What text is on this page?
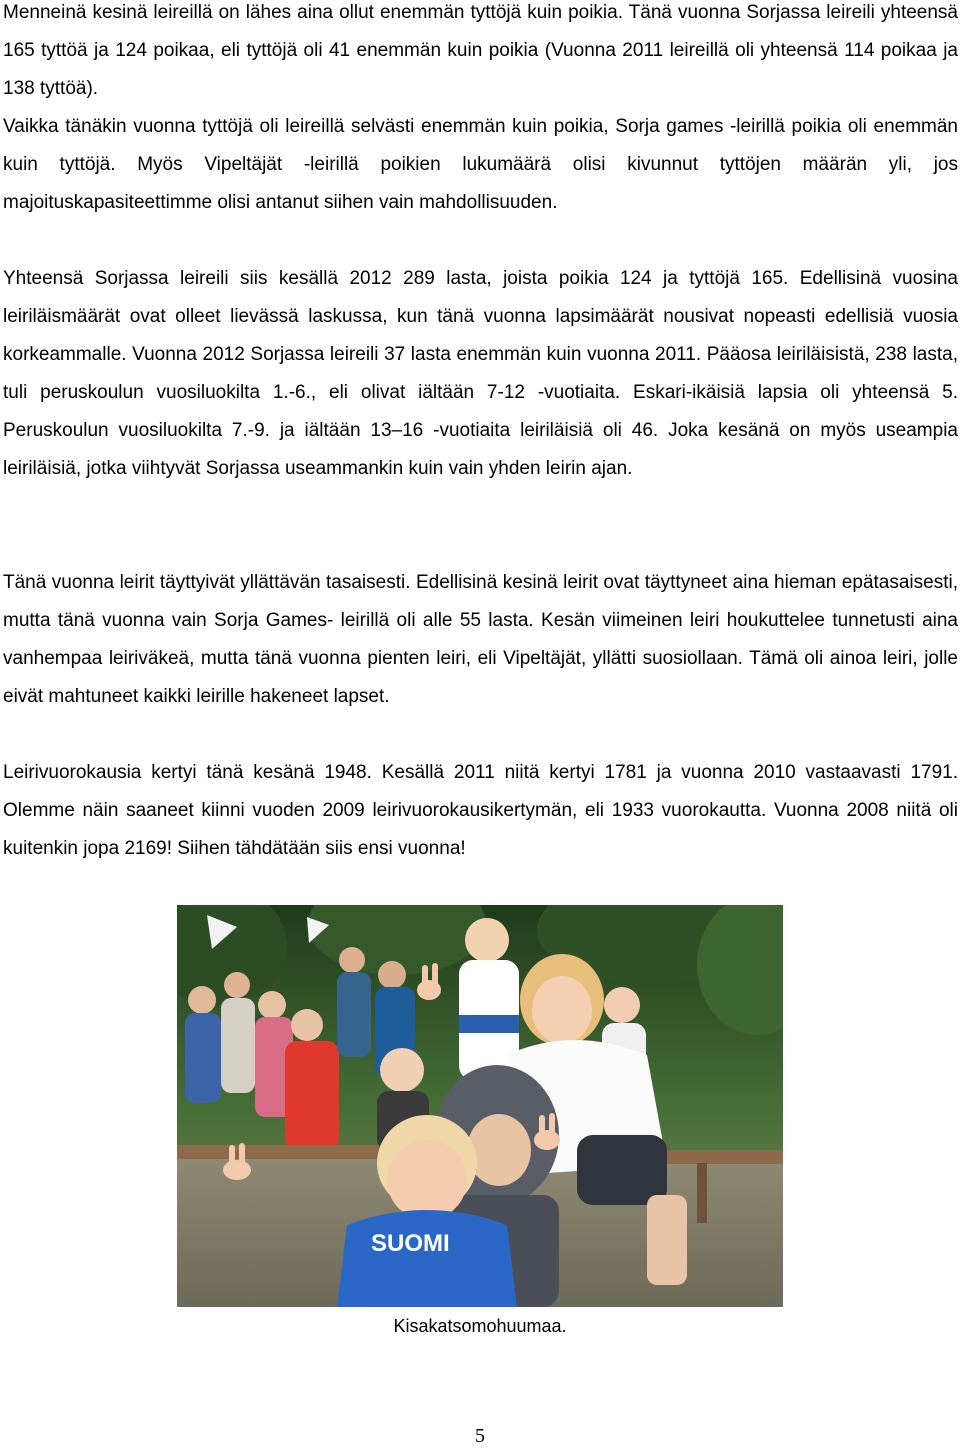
Menneinä kesinä leireillä on lähes aina ollut enemmän tyttöjä kuin poikia. Tänä vuonna Sorjassa leireili yhteensä 165 tyttöä ja 124 poikaa, eli tyttöjä oli 41 enemmän kuin poikia (Vuonna 2011 leireillä oli yhteensä 114 poikaa ja 138 tyttöä).

Vaikka tänäkin vuonna tyttöjä oli leireillä selvästi enemmän kuin poikia, Sorja games -leirillä poikia oli enemmän kuin tyttöjä. Myös Vipeltäjät -leirillä poikien lukumäärä olisi kivunnut tyttöjen määrän yli, jos majoituskapasiteettimme olisi antanut siihen vain mahdollisuuden.

Yhteensä Sorjassa leireili siis kesällä 2012 289 lasta, joista poikia 124 ja tyttöjä 165. Edellisinä vuosina leiriläismäärät ovat olleet lievässä laskussa, kun tänä vuonna lapsimäärät nousivat nopeasti edellisiä vuosia korkeammalle. Vuonna 2012 Sorjassa leireili 37 lasta enemmän kuin vuonna 2011. Pääosa leiriläisistä, 238 lasta, tuli peruskoulun vuosiluokilta 1.-6., eli olivat iältään 7-12 -vuotiaita. Eskari-ikäisiä lapsia oli yhteensä 5. Peruskoulun vuosiluokilta 7.-9. ja iältään 13–16 -vuotiaita leiriläisiä oli 46. Joka kesänä on myös useampia leiriläisiä, jotka viihtyvät Sorjassa useammankin kuin vain yhden leirin ajan.

Tänä vuonna leirit täyttyivät yllättävän tasaisesti. Edellisinä kesinä leirit ovat täyttyneet aina hieman epätasaisesti, mutta tänä vuonna vain Sorja Games- leirillä oli alle 55 lasta. Kesän viimeinen leiri houkuttelee tunnetusti aina vanhempaa leiriväkeä, mutta tänä vuonna pienten leiri, eli Vipeltäjät, yllätti suosiollaan. Tämä oli ainoa leiri, jolle eivät mahtuneet kaikki leirille hakeneet lapset.

Leirivuorokausia kertyi tänä kesänä 1948. Kesällä 2011 niitä kertyi 1781 ja vuonna 2010 vastaavasti 1791. Olemme näin saaneet kiinni vuoden 2009 leirivuorokausikertymän, eli 1933 vuorokautta. Vuonna 2008 niitä oli kuitenkin jopa 2169! Siihen tähdätään siis ensi vuonna!

SUOMI
Kisakatsomohuumaa.
5
